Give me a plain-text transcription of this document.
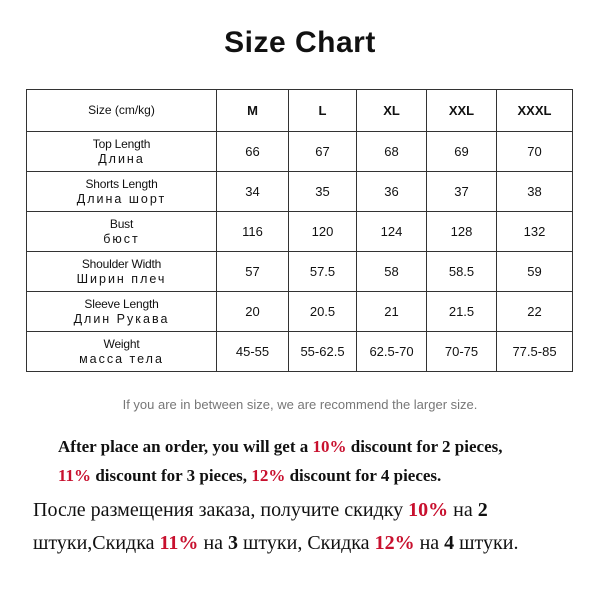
Size Chart
Size (cm/kg)	M	L	XL	XXL	XXXL

Top Length
Длина	66	67	68	69	70

Shorts Length
Длина шорт	34	35	36	37	38

Bust
бюст	116	120	124	128	132

Shoulder Width
Ширин плеч	57	57.5	58	58.5	59

Sleeve Length
Длин Рукава	20	20.5	21	21.5	22

Weight
масса тела	45-55	55-62.5	62.5-70	70-75	77.5-85
If you are in between size, we are recommend the larger size.
After place an order, you will get a 10% discount for 2 pieces,
11% discount for 3 pieces, 12% discount for 4 pieces.
После размещения заказа, получите скидку 10% на 2
штуки,Скидка 11% на 3 штуки, Скидка 12% на 4 штуки.
